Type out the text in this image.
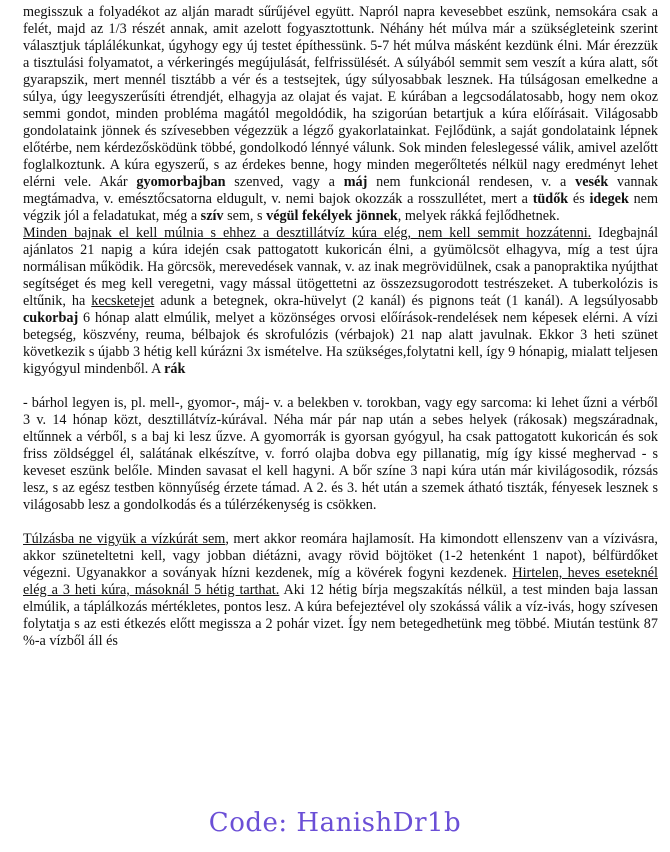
megisszuk a folyadékot az alján maradt sűrűjével együtt. Napról napra kevesebbet eszünk, nemsokára csak a felét, majd az 1/3 részét annak, amit azelott fogyasztottunk. Néhány hét múlva már a szükségleteink szerint választjuk táplálékunkat, úgyhogy egy új testet építhessünk. 5-7 hét múlva másként kezdünk élni. Már érezzük a tisztulási folyamatot, a vérkeringés megújulását, felfrissülését. A súlyából semmit sem veszít a kúra alatt, sőt gyarapszik, mert mennél tisztább a vér és a testsejtek, úgy súlyosabbak lesznek. Ha túlságosan emelkedne a súlya, úgy leegyszerűsíti étrendjét, elhagyja az olajat és vajat. E kúrában a legcsodálatosabb, hogy nem okoz semmi gondot, minden probléma magától megoldódik, ha szigorúan betartjuk a kúra előírásait. Világosabb gondolataink jönnek és szívesebben végezzük a légző gyakorlatainkat. Fejlődünk, a saját gondolataink lépnek előtérbe, nem kérdezősködünk többé, gondolkodó lénnyé válunk. Sok minden feleslegessé válik, amivel azelőtt foglalkoztunk. A kúra egyszerű, s az érdekes benne, hogy minden megerőltetés nélkül nagy eredményt lehet elérni vele. Akár gyomorbajban szenved, vagy a máj nem funkcionál rendesen, v. a vesék vannak megtámadva, v. emésztőcsatorna eldugult, v. nemi bajok okozzák a rosszullétet, mert a tüdők és idegek nem végzik jól a feladatukat, még a szív sem, s végül fekélyek jönnek, melyek rákká fejlődhetnek.

Minden bajnak el kell múlnia s ehhez a desztillátvíz kúra elég, nem kell semmit hozzátenni. Idegbajnál ajánlatos 21 napig a kúra idején csak pattogatott kukoricán élni, a gyümölcsöt elhagyva, míg a test újra normálisan működik. Ha görcsök, merevedések vannak, v. az inak megrövidülnek, csak a panopraktika nyújthat segítséget és meg kell veregetni, vagy mással ütögettetni az összezsugorodott testrészeket. A tuberkolózis is eltűnik, ha kecsketejet adunk a betegnek, okra-hüvelyt (2 kanál) és pignons teát (1 kanál). A legsúlyosabb cukorbaj 6 hónap alatt elmúlik, melyet a közönséges orvosi előírások-rendelések nem képesek elérni. A vízi betegség, köszvény, reuma, bélbajok és skrofulózis (vérbajok) 21 nap alatt javulnak. Ekkor 3 heti szünet következik s újabb 3 hétig kell kúrázni 3x ismételve. Ha szükséges,folytatni kell, így 9 hónapig, mialatt teljesen kigyógyul mindenből. A rák

- bárhol legyen is, pl. mell-, gyomor-, máj- v. a belekben v. torokban, vagy egy sarcoma: ki lehet űzni a vérből 3 v. 14 hónap közt, desztillátvíz-kúrával. Néha már pár nap után a sebes helyek (rákosak) megszáradnak, eltűnnek a vérből, s a baj ki lesz űzve. A gyomorrák is gyorsan gyógyul, ha csak pattogatott kukoricán és sok friss zöldséggel él, salátának elkészítve, v. forró olajba dobva egy pillanatig, míg így kissé meghervad - s keveset eszünk belőle. Minden savasat el kell hagyni. A bőr színe 3 napi kúra után már kivilágosodik, rózsás lesz, s az egész testben könnyűség érzete támad. A 2. és 3. hét után a szemek átható tiszták, fényesek lesznek s világosabb lesz a gondolkodás és a túlérzékenység is csökken.

Túlzásba ne vigyük a vízkúrát sem, mert akkor reomára hajlamosít. Ha kimondott ellenszenv van a vízivásra, akkor szüneteltetni kell, vagy jobban diétázni, avagy rövid böjtöket (1-2 hetenként 1 napot), bélfürdőket végezni. Ugyanakkor a soványak hízni kezdenek, míg a kövérek fogyni kezdenek. Hirtelen, heves eseteknél elég a 3 heti kúra, másoknál 5 hétig tarthat. Aki 12 hétig bírja megszakítás nélkül, a test minden baja lassan elmúlik, a táplálkozás mértékletes, pontos lesz. A kúra befejeztével oly szokássá válik a víz-ivás, hogy szívesen folytatja s az esti étkezés előtt megissza a 2 pohár vizet. Így nem betegedhetünk meg többé. Miután testünk 87 %-a vízből áll és

Code: HanishDr1b
